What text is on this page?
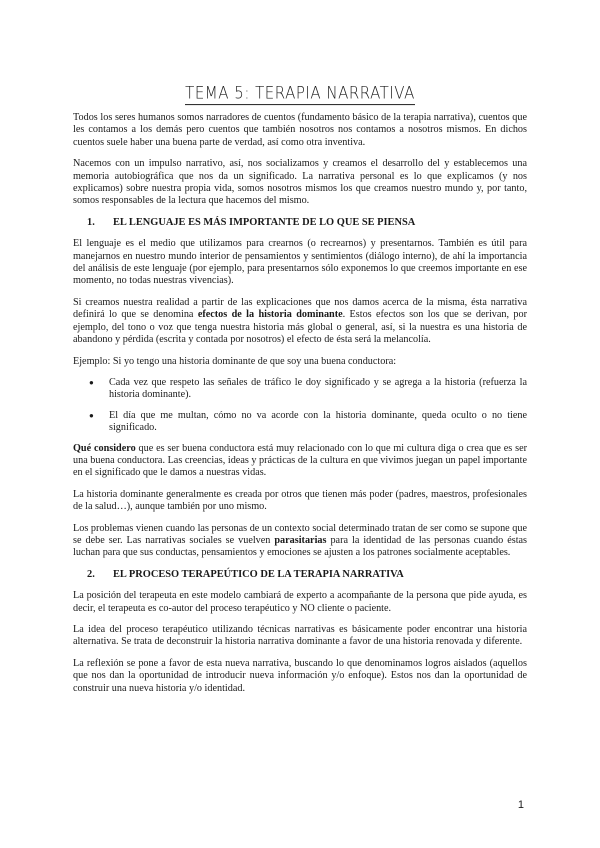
TEMA 5: TERAPIA NARRATIVA

Todos los seres humanos somos narradores de cuentos (fundamento básico de la terapia narrativa), cuentos que les contamos a los demás pero cuentos que también nosotros nos contamos a nosotros mismos. En dichos cuentos suele haber una buena parte de verdad, así como otra inventiva.

Nacemos con un impulso narrativo, así, nos socializamos y creamos el desarrollo del y establecemos una memoria autobiográfica que nos da un significado. La narrativa personal es lo que explicamos (y nos explicamos) sobre nuestra propia vida, somos nosotros mismos los que creamos nuestro mundo y, por tanto, somos responsables de la lectura que hacemos del mismo.

1.	EL LENGUAJE ES MÁS IMPORTANTE DE LO QUE SE PIENSA

El lenguaje es el medio que utilizamos para crearnos (o recrearnos) y presentarnos. También es útil para manejarnos en nuestro mundo interior de pensamientos y sentimientos (diálogo interno), de ahí la importancia del análisis de este lenguaje (por ejemplo, para presentarnos sólo exponemos lo que creemos importante en ese momento, no todas nuestras vivencias).

Si creamos nuestra realidad a partir de las explicaciones que nos damos acerca de la misma, ésta narrativa definirá lo que se denomina efectos de la historia dominante. Estos efectos son los que se derivan, por ejemplo, del tono o voz que tenga nuestra historia más global o general, así, si la nuestra es una historia de abandono y pérdida (escrita y contada por nosotros) el efecto de ésta será la melancolía.

Ejemplo: Si yo tengo una historia dominante de que soy una buena conductora:

● Cada vez que respeto las señales de tráfico le doy significado y se agrega a la historia (refuerza la historia dominante).
● El día que me multan, cómo no va acorde con la historia dominante, queda oculto o no tiene significado.

Qué considero que es ser buena conductora está muy relacionado con lo que mi cultura diga o crea que es ser una buena conductora. Las creencias, ideas y prácticas de la cultura en que vivimos juegan un papel importante en el significado que le damos a nuestras vidas.

La historia dominante generalmente es creada por otros que tienen más poder (padres, maestros, profesionales de la salud…), aunque también por uno mismo.

Los problemas vienen cuando las personas de un contexto social determinado tratan de ser como se supone que se debe ser. Las narrativas sociales se vuelven parasitarias para la identidad de las personas cuando éstas luchan para que sus conductas, pensamientos y emociones se ajusten a los patrones socialmente aceptables.

2.	EL PROCESO TERAPEÚTICO DE LA TERAPIA NARRATIVA

La posición del terapeuta en este modelo cambiará de experto a acompañante de la persona que pide ayuda, es decir, el terapeuta es co-autor del proceso terapéutico y NO cliente o paciente.

La idea del proceso terapéutico utilizando técnicas narrativas es básicamente poder encontrar una historia alternativa. Se trata de deconstruir la historia narrativa dominante a favor de una historia renovada y diferente.

La reflexión se pone a favor de esta nueva narrativa, buscando lo que denominamos logros aislados (aquellos que nos dan la oportunidad de introducir nueva información y/o enfoque). Estos nos dan la oportunidad de construir una nueva historia y/o identidad.

1
